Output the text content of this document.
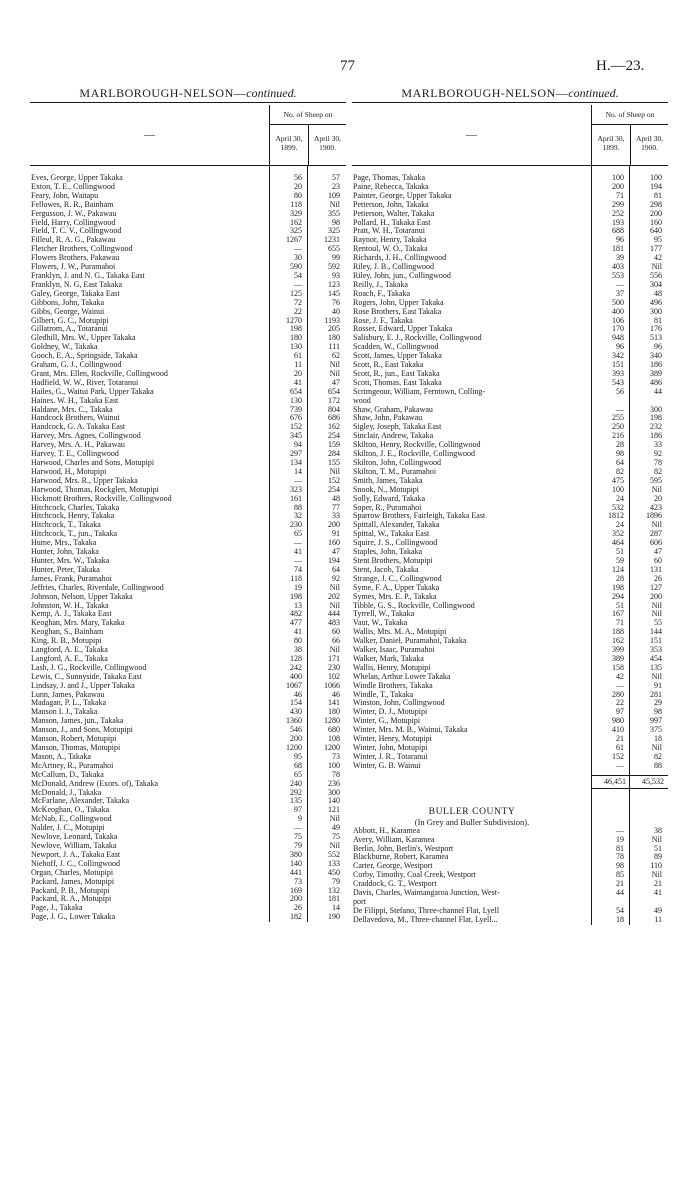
77	H.—23.
MARLBOROUGH-NELSON—continued.
—
No. of Sheep on
April 30, 1899.
April 30, 1900.
Eves, George, Upper Takaka	56	57
Exton, T. E., Collingwood	20	23
Feary, John, Waitapu	80	109
Fellowes, R. R., Bainham	118	Nil
Fergusson, J. W., Pakawau	329	355
Field, Harry, Collingwood	162	98
Field, T. C. V., Collingwood	325	325
Filleul, R. A. G., Pakawau	1267	1231
Fletcher Brothers, Collingwood	—	655
Flowers Brothers, Pakawau	30	99
Flowers, J. W., Puramahoi	590	592
Franklyn, J. and N. G., Takaka East	54	93
Franklyn, N. G, East Takaka	—	123
Galey, George, Takaka East	125	145
Gibbons, John, Takaka	72	76
Gibbs, George, Wainui	22	40
Gilbert, G. C., Motupipi	1270	1193
Gillatrom, A., Totaranui	198	205
Gledhill, Mrs. W., Upper Takaka	180	180
Goldney, W., Takaka	130	111
Gooch, E. A., Springside, Takaka	61	62
Graham, G. J., Collingwood	11	Nil
Grant, Mrs. Ellen, Rockville, Collingwood	20	Nil
Hadfield, W. W., River, Totaranui	41	47
Hailes, G., Waitui Park, Upper Takaka	654	654
Haines. W. H., Takaka East	130	172
Haldane, Mrs. C., Takaka	739	804
Handcock Brothers, Wainui	676	686
Handcock, G. A. Takaka East	152	162
Harvey, Mrs. Agnes, Collingwood	345	254
Harvey, Mrs. A. H., Pakawau	94	159
Harvey, T. E., Collingwood	297	284
Harwood, Charles and Sons, Motupipi	134	155
Harwood, H., Motupipi	14	Nil
Harwood, Mrs. R., Upper Takaka	—	152
Harwood, Thomas, Rockglen, Motupipi	323	254
Hickmott Brothers, Rockville, Collingwood	161	48
Hitchcock, Charles, Takaka	88	77
Hitchcock, Henry, Takaka	32	33
Hitchcock, T., Takaka	230	200
Hitchcock, T., jun., Takaka	65	91
Hume, Mrs., Takaka	—	160
Hunter, John, Takaka	41	47
Hunter, Mrs. W., Takaka	—	194
Hunter, Peter, Takaka	74	64
James, Frank, Puramahoi	118	92
Jeffries, Charles, Riverdale, Collingwood	19	Nil
Johnson, Nelson, Upper Takaka	198	202
Johnston, W. H., Takaka	13	Nil
Kemp, A. J., Takaka East	482	444
Keoghan, Mrs. Mary, Takaka	477	483
Keoghan, S., Bainham	41	60
King, R. B., Motupipi	80	66
Langford, A. E., Takaka	38	Nil
Langford, A. E., Takaka	128	171
Lash, J. G., Rockville, Collingwood	242	230
Lewis, C., Sunnyside, Takaka East	400	102
Lindsay, J. and J., Upper Takaka	1067	1066
Lunn, James, Pakawau	46	46
Madagan, P. L., Takaka	154	141
Manson I. J., Takaka	430	180
Manson, James, jun., Takaka	1360	1280
Manson, J., and Sons, Motupipi	546	680
Manson, Robert, Motupipi	200	108
Manson, Thomas, Motupipi	1200	1200
Mason, A., Takaka	95	73
McArtney, R., Puramahoi	68	100
McCallum, D., Takaka	65	78
McDonald, Andrew (Exors. of), Takaka	240	236
McDonald, J., Takaka	292	300
McFarlane, Alexander, Takaka	135	140
McKeoghan, O., Takaka	97	121
McNab, E., Collingwood	9	Nil
Nalder, J. C., Motupipi	—	49
Newlove, Leonard, Takaka	75	75
Newlove, William, Takaka	79	Nil
Newport, J. A., Takaka East	380	552
Niehoff, J. C., Collingwood	140	133
Organ, Charles, Motupipi	441	450
Packard, James, Motupipi	73	79
Packard, P. B., Motupipi	169	132
Packard, R. A., Motupipi	200	181
Page, J., Takaka	26	14
Page, J. G., Lower Takaka	182	190
MARLBOROUGH-NELSON—continued.
—
No. of Sheep on
April 30, 1899.
April 30, 1900.
Page, Thomas, Takaka	100	100
Paine, Rebecca, Takaka	200	194
Painter, George, Upper Takaka	71	81
Petterson, John, Takaka	299	298
Petterson, Walter, Takaka	252	200
Pollard, H., Takaka East	193	160
Pratt, W. H., Totaranui	688	640
Raynor, Henry, Takaka	96	95
Rentoul, W. O., Takaka	181	177
Richards, J. H., Collingwood	39	42
Riley, J. B., Collingwood	403	Nil
Riley, John, jun., Collingwood	553	556
Reilly, J., Takaka	—	304
Roach, F., Takaka	37	48
Rogers, John, Upper Takaka	500	496
Rose Brothers, East Takaka	400	300
Rose, J. F., Takaka	106	81
Rosser, Edward, Upper Takaka	170	176
Salisbury, E. J., Rockville, Collingwood	948	513
Scadden, W., Collingwood	96	96
Scott, James, Upper Takaka	342	340
Scott, R., East Takaka	151	186
Scott, R., jun., East Takaka	393	389
Scott, Thomas, East Takaka	543	486
Scrimgeour, William, Ferntown, Colling-	56	44
wood
Shaw, Graham, Pakawau	—	300
Shaw, John, Pakawau	255	198
Sigley, Joseph, Takaka East	250	232
Sinclair, Andrew, Takaka	216	186
Skilton, Henry, Rockville, Collingwood	28	33
Skilton, J. E., Rockville, Collingwood	98	92
Skilton, John, Collingwood	64	78
Skilton, T. M., Puramahoi	82	82
Smith, James, Takaka	475	595
Snook, N., Motupipi	100	Nil
Solly, Edward, Takaka	24	20
Soper, R., Puramahoi	532	423
Sparrow Brothers, Fairleigh, Takaka East	1812	1896
Spittall, Alexander, Takaka	24	Nil
Spittal, W., Takaka East	352	287
Squire, J. S., Collingwood	464	606
Staples, John, Takaka	51	47
Stent Brothers, Motupipi	59	60
Stent, Jacob, Takaka	124	131
Strange, J. C., Collingwood	28	26
Syme, F. A., Upper Takaka	198	127
Symes, Mrs. E. P., Takaka	294	200
Tibble, G. S., Rockville, Collingwood	51	Nil
Tyrrell, W., Takaka	167	Nil
Vaut, W., Takaka	71	55
Wallis, Mrs. M. A., Motupipi	188	144
Walker, Daniel, Puramahoi, Takaka	162	151
Walker, Isaac, Puramahoi	399	353
Walker, Mark, Takaka	389	454
Wallis, Henry, Motupipi	158	135
Whelan, Arthur Lower Takaka	42	Nil
Windle Brothers, Takaka	—	91
Windle, T., Takaka	280	281
Winston, John, Collingwood	22	29
Winter, D. J., Motupipi	97	98
Winter, G., Motupipi	980	997
Winter, Mrs. M. B., Wainui, Takaka	410	375
Winter, Henry, Motupipi	21	18
Winter, John, Motupipi	61	Nil
Winter, J. R., Totaranui	152	82
Winter, G. B. Wainui	—	88
46,451	45,532
BULLER COUNTY
(In Grey and Buller Subdivision).
Abbott, H., Karamea	—	38
Avery, William, Karamea	19	Nil
Berlin, John, Berlin's, Westport	81	51
Blackburne, Robert, Karamea	78	89
Carter, George, Westport	98	110
Corby, Timothy, Coal Creek, Westport	85	Nil
Craddock, G. T., Westport	21	21
Davis, Charles, Waimangaroa Junction, West-	44	41
port
De Filippi, Stefano, Three-channel Flat, Lyell	54	49
Dellavedova, M., Three-channel Flat, Lyell...	18	11
